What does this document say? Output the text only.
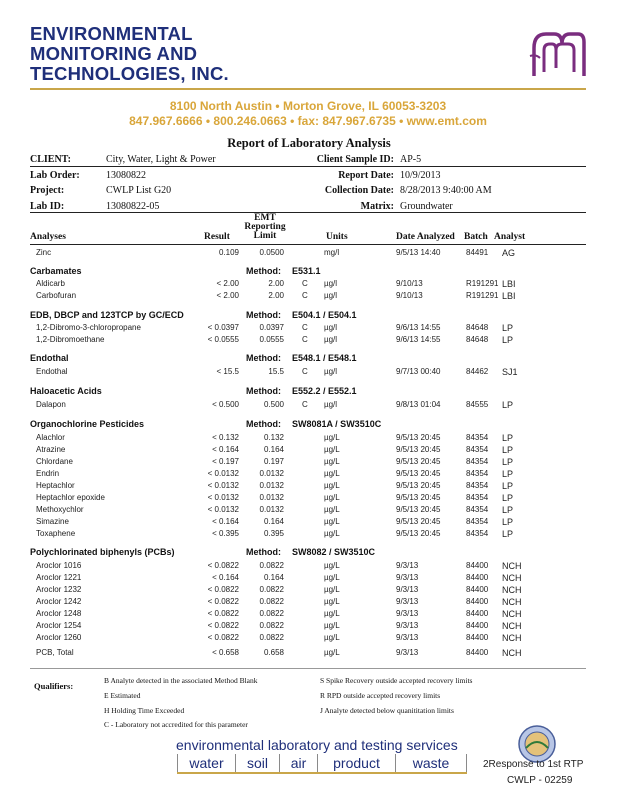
ENVIRONMENTAL
MONITORING AND
TECHNOLOGIES, INC.
8100 North Austin • Morton Grove, IL 60053-3203
847.967.6666 • 800.246.0663 • fax: 847.967.6735 • www.emt.com
Report of Laboratory Analysis
CLIENT:	City, Water, Light & Power
Lab Order:	13080822
Project:	CWLP List G20
Lab ID:	13080822-05
Client Sample ID: AP-5
Report Date: 10/9/2013
Collection Date: 8/28/2013 9:40:00 AM
Matrix: Groundwater
Analyses	Result
EMT
Reporting
Limit	Units	Date Analyzed Batch Analyst
Zinc	0.109	0.0500	mg/l	9/5/13 14:40	84491 AG
Carbamates	Method: E531.1
Aldicarb	< 2.00	2.00 C µg/l	9/10/13	R191291 LBI
Carbofuran	< 2.00	2.00 C µg/l	9/10/13	R191291 LBI
EDB, DBCP and 123TCP by GC/ECD	Method: E504.1 / E504.1
1,2-Dibromo-3-chloropropane	< 0.0397	0.0397 C µg/l	9/6/13 14:55	84648 LP
1,2-Dibromoethane	< 0.0555	0.0555 C µg/l	9/6/13 14:55	84648 LP
Endothal	Method: E548.1 / E548.1
Endothal	< 15.5	15.5 C µg/l	9/7/13 00:40	84462 SJ1
Haloacetic Acids	Method: E552.2 / E552.1
Dalapon	< 0.500	0.500 C µg/l	9/8/13 01:04	84555 LP
Organochlorine Pesticides	Method: SW8081A / SW3510C
Alachlor	< 0.132	0.132	µg/L	9/5/13 20:45	84354 LP
Atrazine	< 0.164	0.164	µg/L	9/5/13 20:45	84354 LP
Chlordane	< 0.197	0.197	µg/L	9/5/13 20:45	84354 LP
Endrin	< 0.0132	0.0132	µg/L	9/5/13 20:45	84354 LP
Heptachlor	< 0.0132	0.0132	µg/L	9/5/13 20:45	84354 LP
Heptachlor epoxide	< 0.0132	0.0132	µg/L	9/5/13 20:45	84354 LP
Methoxychlor	< 0.0132	0.0132	µg/L	9/5/13 20:45	84354 LP
Simazine	< 0.164	0.164	µg/L	9/5/13 20:45	84354 LP
Toxaphene	< 0.395	0.395	µg/L	9/5/13 20:45	84354 LP
Polychlorinated biphenyls (PCBs)	Method: SW8082 / SW3510C
Aroclor 1016	< 0.0822	0.0822	µg/L	9/3/13	84400 NCH
Aroclor 1221	< 0.164	0.164	µg/L	9/3/13	84400 NCH
Aroclor 1232	< 0.0822	0.0822	µg/L	9/3/13	84400 NCH
Aroclor 1242	< 0.0822	0.0822	µg/L	9/3/13	84400 NCH
Aroclor 1248	< 0.0822	0.0822	µg/L	9/3/13	84400 NCH
Aroclor 1254	< 0.0822	0.0822	µg/L	9/3/13	84400 NCH
Aroclor 1260	< 0.0822	0.0822	µg/L	9/3/13	84400 NCH
PCB, Total	< 0.658	0.658	µg/L	9/3/13	84400 NCH
Qualifiers:
B Analyte detected in the associated Method Blank
E Estimated
H Holding Time Exceeded
C - Laboratory not accredited for this parameter
S Spike Recovery outside accepted recovery limits
R RPD outside accepted recovery limits
J Analyte detected below quanititation limits
environmental laboratory and testing services
water	soil	air	product	waste	2Response to 1st RTP
CWLP - 02259
